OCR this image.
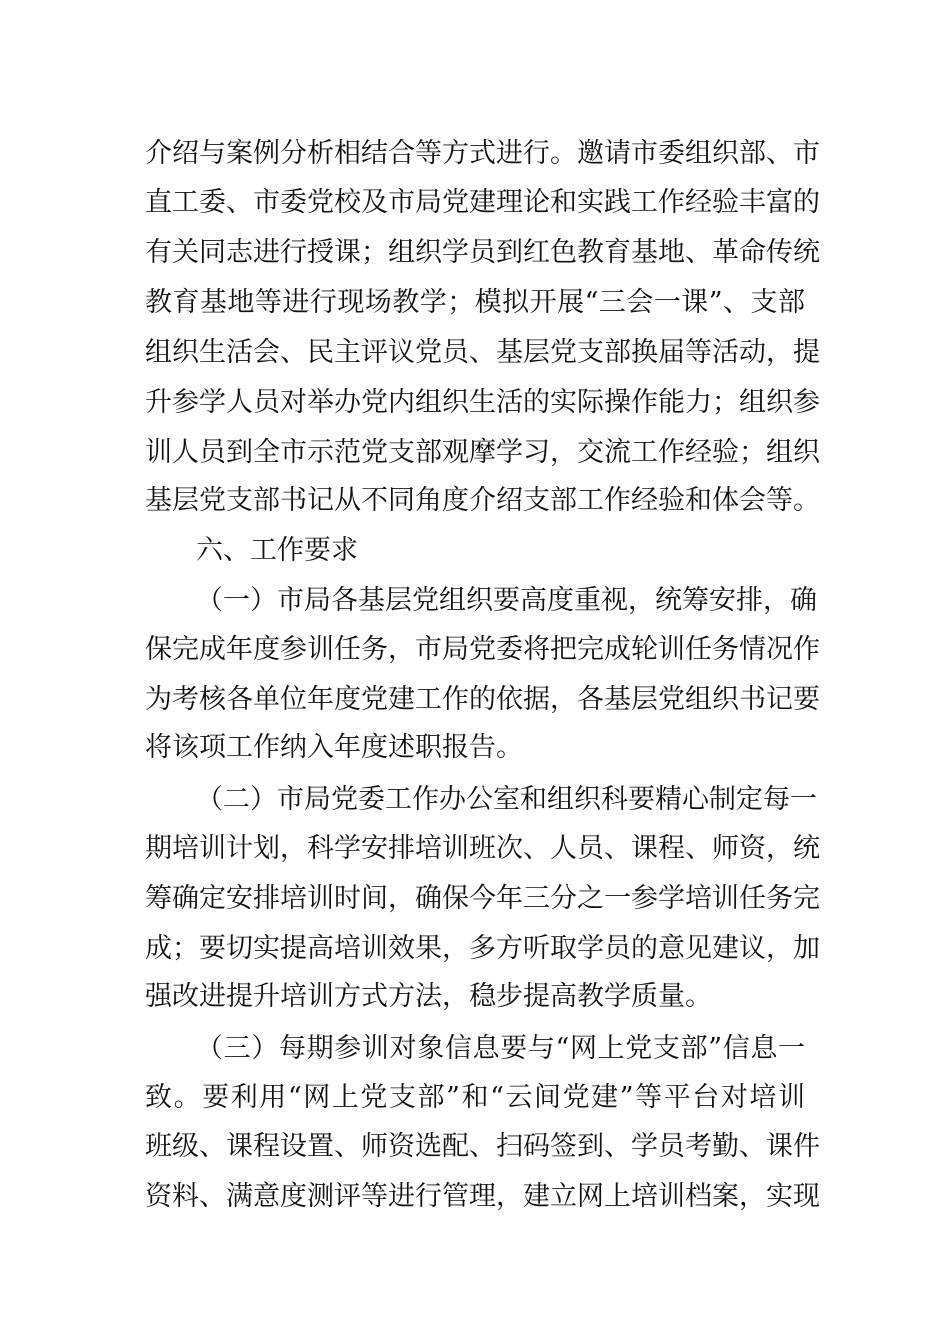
介绍与案例分析相结合等方式进行。邀请市委组织部、市
直工委、市委党校及市局党建理论和实践工作经验丰富的
有关同志进行授课；组织学员到红色教育基地、革命传统
教育基地等进行现场教学；模拟开展“三会一课”、支部
组织生活会、民主评议党员、基层党支部换届等活动，提
升参学人员对举办党内组织生活的实际操作能力；组织参
训人员到全市示范党支部观摩学习，交流工作经验；组织
基层党支部书记从不同角度介绍支部工作经验和体会等。
六、工作要求
（一）市局各基层党组织要高度重视，统筹安排，确
保完成年度参训任务，市局党委将把完成轮训任务情况作
为考核各单位年度党建工作的依据，各基层党组织书记要
将该项工作纳入年度述职报告。
（二）市局党委工作办公室和组织科要精心制定每一
期培训计划，科学安排培训班次、人员、课程、师资，统
筹确定安排培训时间，确保今年三分之一参学培训任务完
成；要切实提高培训效果，多方听取学员的意见建议，加
强改进提升培训方式方法，稳步提高教学质量。
（三）每期参训对象信息要与“网上党支部”信息一
致。要利用“网上党支部”和“云间党建”等平台对培训
班级、课程设置、师资选配、扫码签到、学员考勤、课件
资料、满意度测评等进行管理，建立网上培训档案，实现
